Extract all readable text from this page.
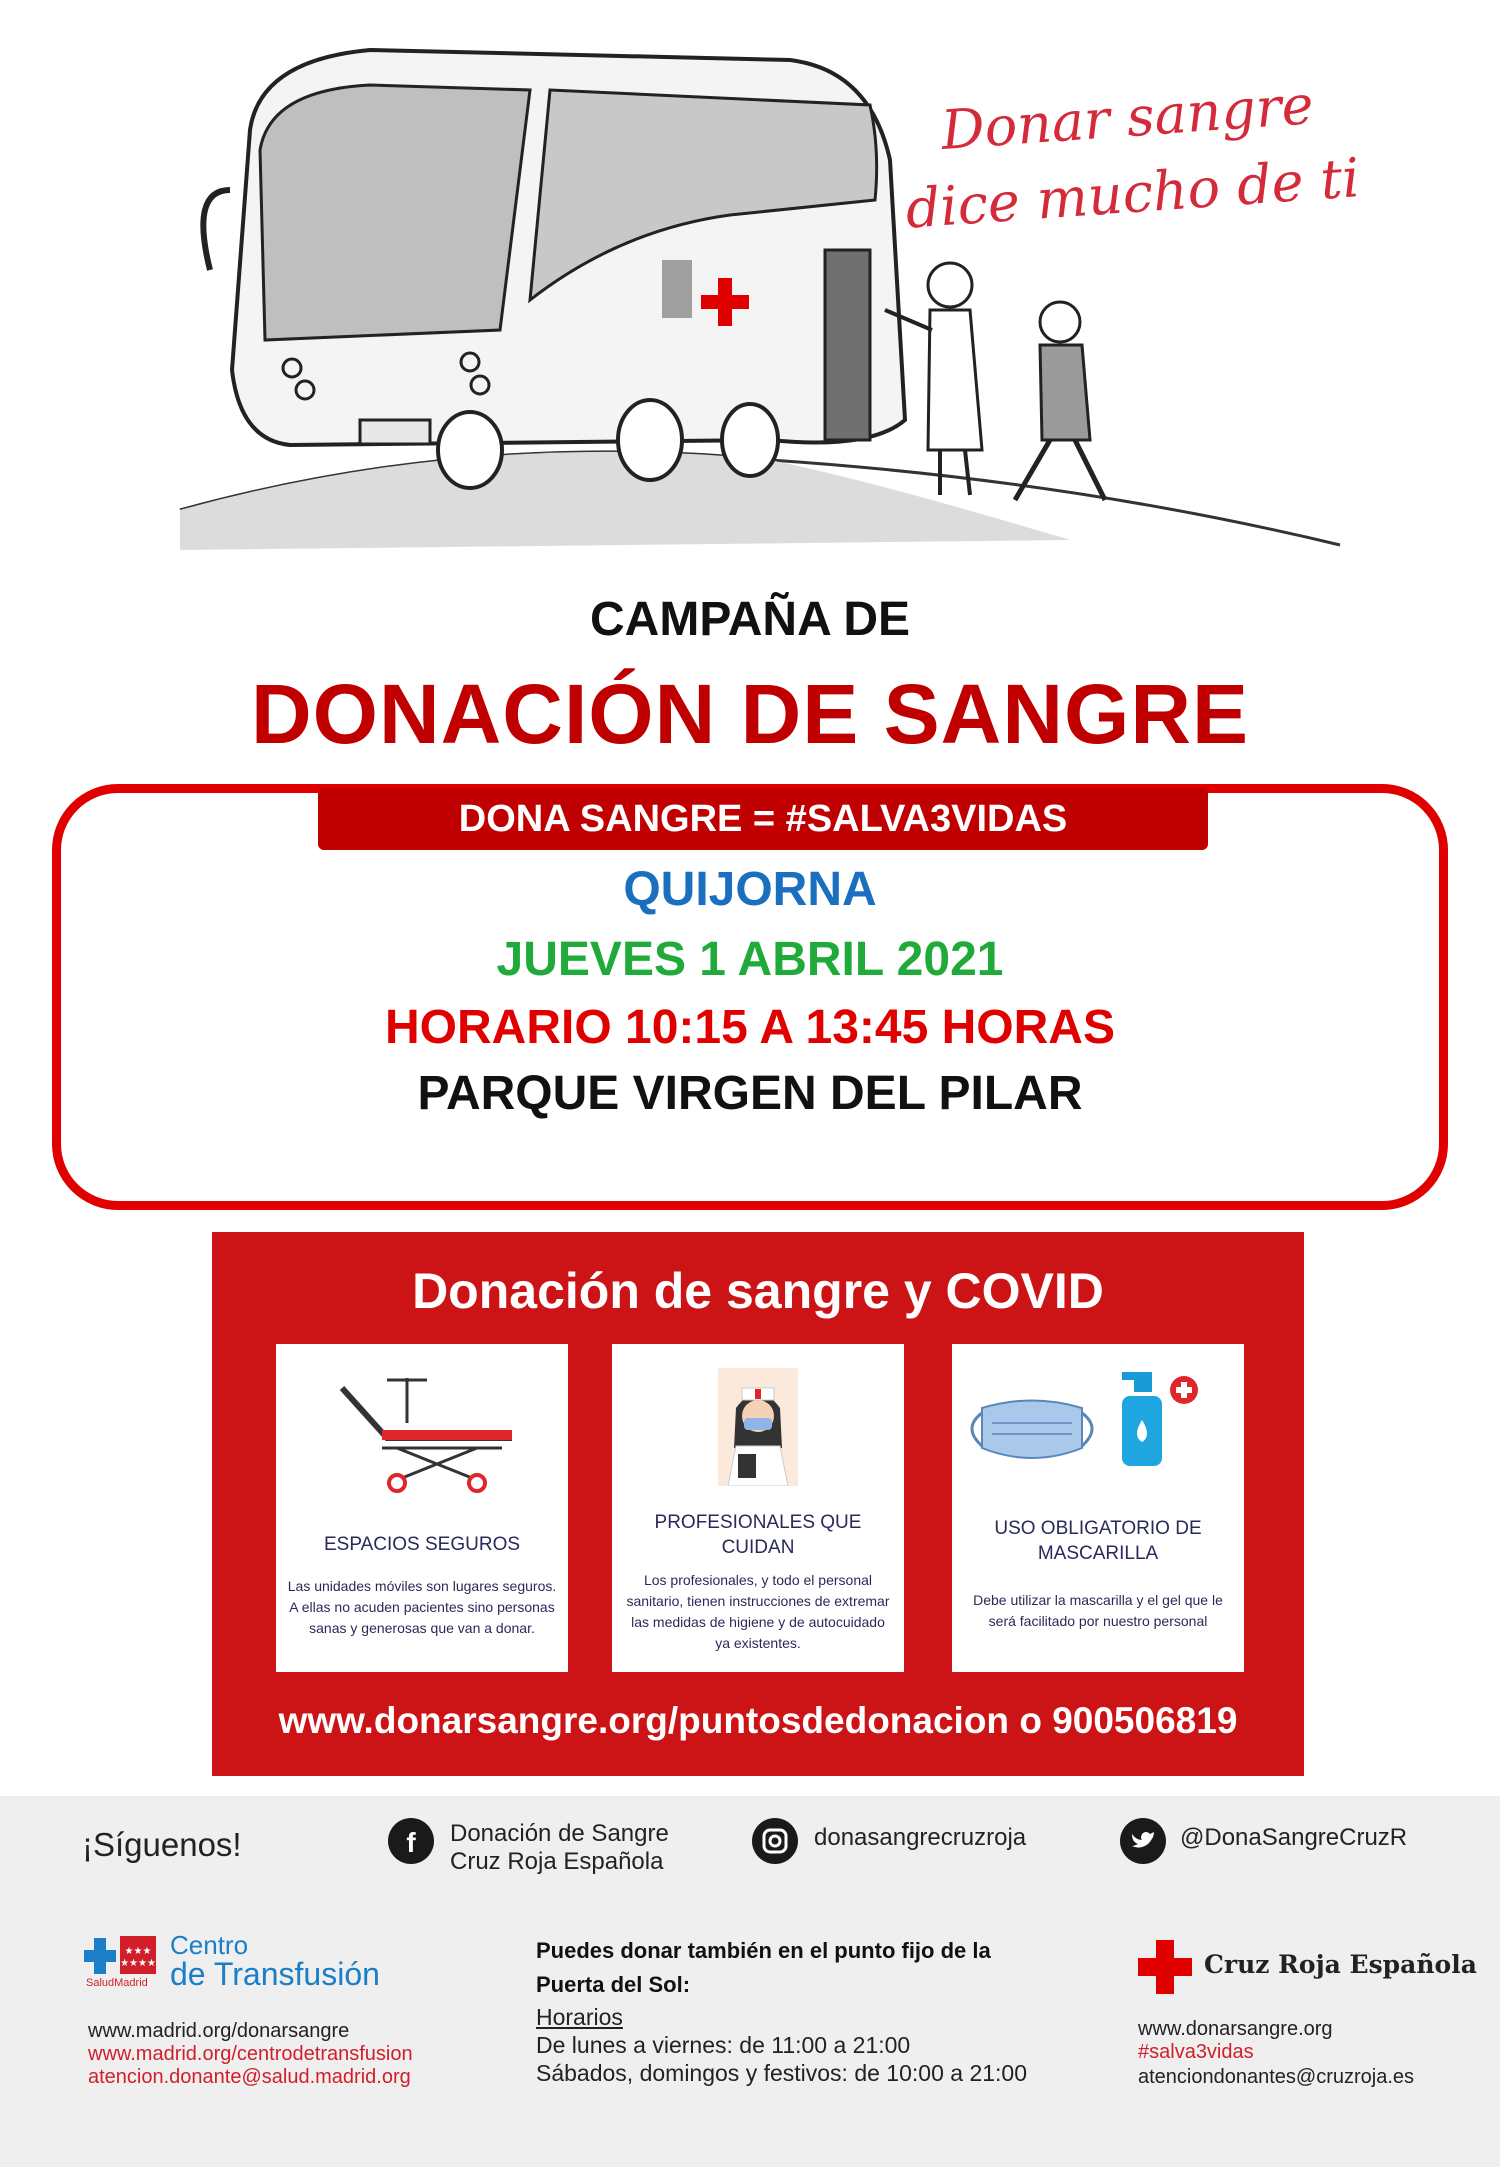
Donar sangre dice mucho de ti
CAMPAÑA DE
DONACIÓN DE SANGRE
DONA SANGRE = #SALVA3VIDAS
QUIJORNA
JUEVES 1 ABRIL 2021
HORARIO 10:15 A 13:45 HORAS
PARQUE VIRGEN DEL PILAR
Donación de sangre y COVID
ESPACIOS SEGUROS
Las unidades móviles son lugares seguros. A ellas no acuden pacientes sino personas sanas y generosas que van a donar.
PROFESIONALES QUE CUIDAN
Los profesionales, y todo el personal sanitario, tienen instrucciones de extremar las medidas de higiene y de autocuidado ya existentes.
USO OBLIGATORIO DE MASCARILLA
Debe utilizar la mascarilla y el gel que le será facilitado por nuestro personal
www.donarsangre.org/puntosdedonacion o 900506819
¡Síguenos!	f Donación de Sangre
Cruz Roja Española
donasangrecruzroja	@DonaSangreCruzR
★★★
★★★★
SaludMadrid
Centro
de Transfusión
www.madrid.org/donarsangre
www.madrid.org/centrodetransfusion
atencion.donante@salud.madrid.org
Puedes donar también en el punto fijo de la Puerta del Sol:
Horarios
De lunes a viernes: de 11:00 a 21:00
Sábados, domingos y festivos: de 10:00 a 21:00
Cruz Roja Española
www.donarsangre.org
#salva3vidas
atenciondonantes@cruzroja.es
